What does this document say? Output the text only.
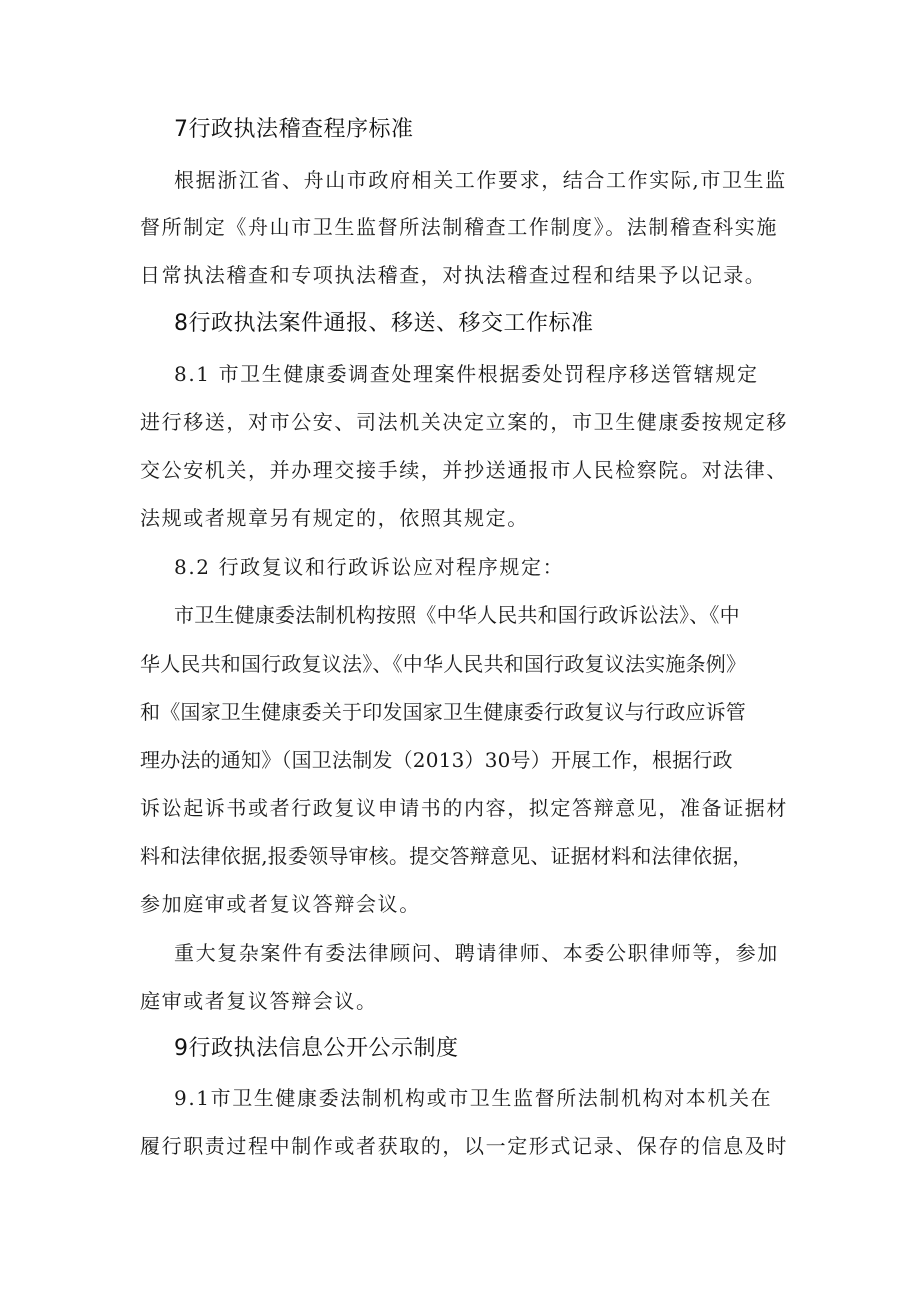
7行政执法稽查程序标准
根据浙江省、舟山市政府相关工作要求，结合工作实际,市卫生监
督所制定《舟山市卫生监督所法制稽查工作制度》。法制稽查科实施
日常执法稽查和专项执法稽查，对执法稽查过程和结果予以记录。
8行政执法案件通报、移送、移交工作标准
8.1 市卫生健康委调查处理案件根据委处罚程序移送管辖规定
进行移送，对市公安、司法机关决定立案的，市卫生健康委按规定移
交公安机关，并办理交接手续，并抄送通报市人民检察院。对法律、
法规或者规章另有规定的，依照其规定。
8.2 行政复议和行政诉讼应对程序规定：
市卫生健康委法制机构按照《中华人民共和国行政诉讼法》、《中
华人民共和国行政复议法》、《中华人民共和国行政复议法实施条例》
和《国家卫生健康委关于印发国家卫生健康委行政复议与行政应诉管
理办法的通知》（国卫法制发（2013）30号）开展工作，根据行政
诉讼起诉书或者行政复议申请书的内容，拟定答辩意见，准备证据材
料和法律依据,报委领导审核。提交答辩意见、证据材料和法律依据，
参加庭审或者复议答辩会议。
重大复杂案件有委法律顾问、聘请律师、本委公职律师等，参加
庭审或者复议答辩会议。
9行政执法信息公开公示制度
9.1市卫生健康委法制机构或市卫生监督所法制机构对本机关在
履行职责过程中制作或者获取的，以一定形式记录、保存的信息及时
